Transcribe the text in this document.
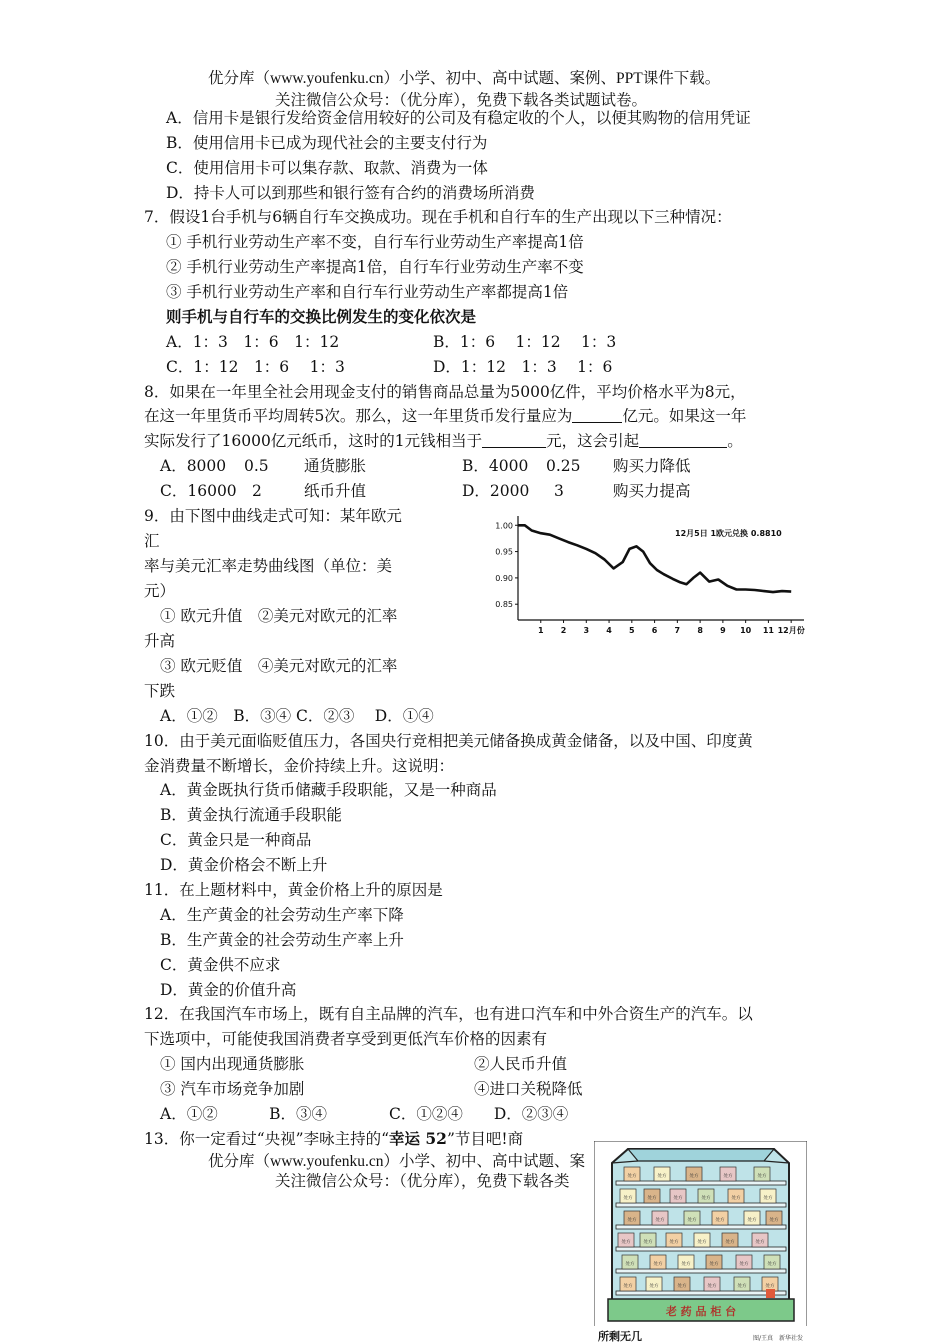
优分库（www.youfenku.cn）小学、初中、高中试题、案例、PPT课件下载。
关注微信公众号：（优分库），免费下载各类试题试卷。
A．信用卡是银行发给资金信用较好的公司及有稳定收的个人，以便其购物的信用凭证
B．使用信用卡已成为现代社会的主要支付行为
C．使用信用卡可以集存款、取款、消费为一体
D．持卡人可以到那些和银行签有合约的消费场所消费
7．假设1台手机与6辆自行车交换成功。现在手机和自行车的生产出现以下三种情况：
① 手机行业劳动生产率不变，自行车行业劳动生产率提高1倍
② 手机行业劳动生产率提高1倍，自行车行业劳动生产率不变
③ 手机行业劳动生产率和自行车行业劳动生产率都提高1倍
则手机与自行车的交换比例发生的变化依次是
A．1：3　1：6　1：12	B．1：6　 1：12　 1：3
C．1：12　1：6　 1：3	D．1：12　1：3　 1：6
8．如果在一年里全社会用现金支付的销售商品总量为5000亿件，平均价格水平为8元，
在这一年里货币平均周转5次。那么，这一年里货币发行量应为	亿元。如果这一年
实际发行了16000亿元纸币，这时的1元钱相当于	元，这会引起	。
A．8000 0.5 通货膨胀	B．4000 0.25 购买力降低
C．16000 2	纸币升值	D．2000 3	购买力提高
9．由下图中曲线走式可知：某年欧元
汇
率与美元汇率走势曲线图（单位：美
元）
① 欧元升值　②美元对欧元的汇率
升高
③ 欧元贬值　④美元对欧元的汇率
下跌
A．①②　B．③④ C．②③　 D．①④
1.00
0.95
0.90
0.85
1 2 3 4 5 6 7 8 9 10 11 12月份
12月5日 1欧元兑换 0.8810
10．由于美元面临贬值压力，各国央行竞相把美元储备换成黄金储备，以及中国、印度黄
金消费量不断增长，金价持续上升。这说明：
A．黄金既执行货币储藏手段职能，又是一种商品
B．黄金执行流通手段职能
C．黄金只是一种商品
D．黄金价格会不断上升
11．在上题材料中，黄金价格上升的原因是
A．生产黄金的社会劳动生产率下降
B．生产黄金的社会劳动生产率上升
C．黄金供不应求
D．黄金的价值升高
12．在我国汽车市场上，既有自主品牌的汽车，也有进口汽车和中外合资生产的汽车。以
下选项中，可能使我国消费者享受到更低汽车价格的因素有
① 国内出现通货膨胀	②人民币升值
③ 汽车市场竞争加剧	④进口关税降低
A．①②　　　 B．③④　　　　C．①②④　　D．②③④
13．你一定看过“央视”李咏主持的“幸运 52”节目吧!商
优分库（www.youfenku.cn）小学、初中、高中试题、案
关注微信公众号：（优分库），免费下载各类	处方	处方	处方	处方	处方
处方	处方	处方	处方	处方	处方
处方	处方	处方	处方	处方	处方
处方	处方	处方	处方	处方	处方
处方	处方	处方	处方	处方	处方
处方	处方	处方	处方	处方	处方
老 药 品 柜 台
所剩无几	图/王真　新华社发
